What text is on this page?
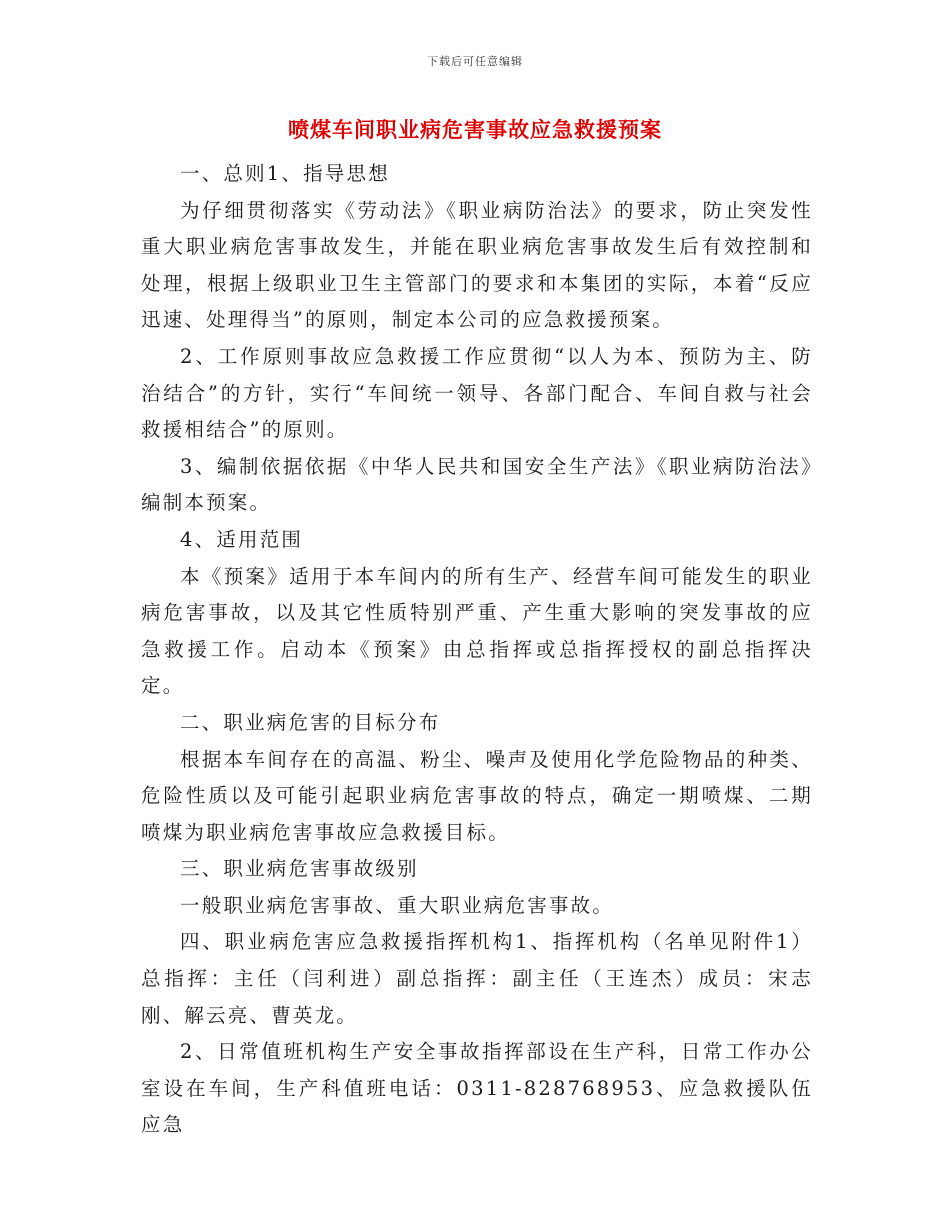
下载后可任意编辑
喷煤车间职业病危害事故应急救援预案

一、总则1、指导思想

为仔细贯彻落实《劳动法》《职业病防治法》的要求，防止突发性重大职业病危害事故发生，并能在职业病危害事故发生后有效控制和处理，根据上级职业卫生主管部门的要求和本集团的实际，本着“反应迅速、处理得当”的原则，制定本公司的应急救援预案。

2、工作原则事故应急救援工作应贯彻“以人为本、预防为主、防治结合”的方针，实行“车间统一领导、各部门配合、车间自救与社会救援相结合”的原则。

3、编制依据依据《中华人民共和国安全生产法》《职业病防治法》编制本预案。

4、适用范围

本《预案》适用于本车间内的所有生产、经营车间可能发生的职业病危害事故，以及其它性质特别严重、产生重大影响的突发事故的应急救援工作。启动本《预案》由总指挥或总指挥授权的副总指挥决定。

二、职业病危害的目标分布

根据本车间存在的高温、粉尘、噪声及使用化学危险物品的种类、危险性质以及可能引起职业病危害事故的特点，确定一期喷煤、二期喷煤为职业病危害事故应急救援目标。

三、职业病危害事故级别

一般职业病危害事故、重大职业病危害事故。

四、职业病危害应急救援指挥机构1、指挥机构（名单见附件1）总指挥：主任（闫利进）副总指挥：副主任（王连杰）成员：宋志刚、解云亮、曹英龙。

2、日常值班机构生产安全事故指挥部设在生产科，日常工作办公室设在车间，生产科值班电话：0311-828768953、应急救援队伍应急
